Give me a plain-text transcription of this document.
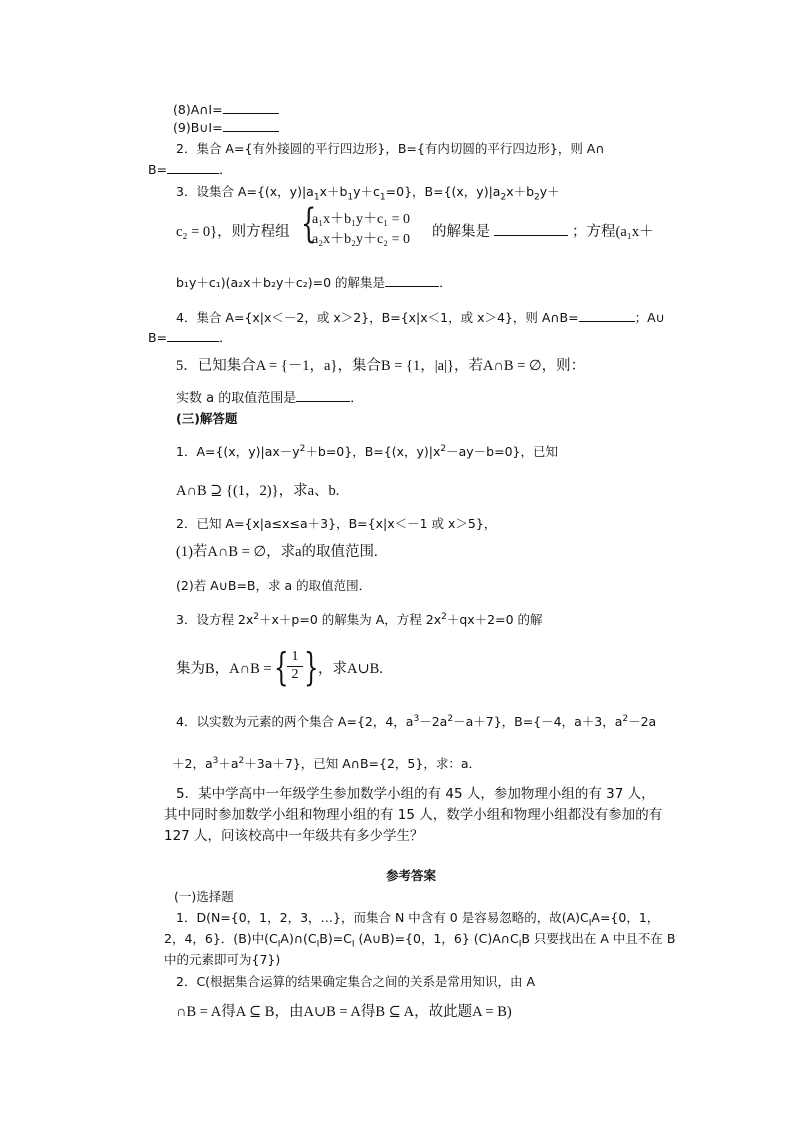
(8)A∩I=
(9)B∪I=
2．集合 A={有外接圆的平行四边形}，B={有内切圆的平行四边形}，则 A∩
B=	．
3．设集合 A={(x，$y)|a_1x+b_1y+c_1=0$}，B={(x，$y)|a_2x+b_2y+$
c₂ = 0}，则方程组 {
a₁x＋b₁y＋c₁ = 0
a₂x＋b₂y＋c₂ = 0 的解集是	；方程(a₁x＋
b₁y＋c₁)(a₂x＋b₂y＋c₂)=0 的解集是	．
4．集合 A={x|x＜－2，或 x＞2}，B={x|x＜1，或 x＞4}，则 A∩B=	；A∪
B=	．
5．已知集合A = {－1，a}，集合B = {1，|a|}，若A∩B = ∅，则：
实数 a 的取值范围是	．
(三)解答题
1．A={(x，$y)|ax-y^2+b=0$}，B={(x，$y)|x^2-ay-b=0$}，已知
A∩B ⊇ {(1，2)}，求a、b.
2．已知 A={x|a≤x≤a＋3}，B={x|x＜－1 或 x＞5}，
(1)若A∩B = ∅，求a的取值范围.
(2)若 A∪B=B，求 a 的取值范围．
3．设方程 $2x^2+x+p=0$ 的解集为 A，方程 $2x^2+qx+2=0$ 的解
集为B，A∩B = {
$\frac{1}{2}$ } ，求A∪B.
4．以实数为元素的两个集合 A={2，4，$a^3-2a^2-a+7$}，B={－4，a＋3，$a^2-2a$
＋2，$a^3+a^2+3a+7$}，已知 A∩B={2，5}，求：a．
5．某中学高中一年级学生参加数学小组的有 45 人，参加物理小组的有 37 人，
其中同时参加数学小组和物理小组的有 15 人，数学小组和物理小组都没有参加的有
127 人，问该校高中一年级共有多少学生？
参考答案
(一)选择题
1．D(N={0，1，2，3，…}，而集合 N 中含有 0 是容易忽略的，故$(A)C_IA=\{0$，1，
2，4，6}．(B)中$(C_IA)\cap(C_IB)=C_I$ (A∪B)={0，1，6} $(C)A\cap C_IB$ 只要找出在 A 中且不在 B
中的元素即可为{7})
2．C(根据集合运算的结果确定集合之间的关系是常用知识，由 A
∩B = A得A ⊆ B，由A∪B = A得B ⊆ A，故此题A = B)
